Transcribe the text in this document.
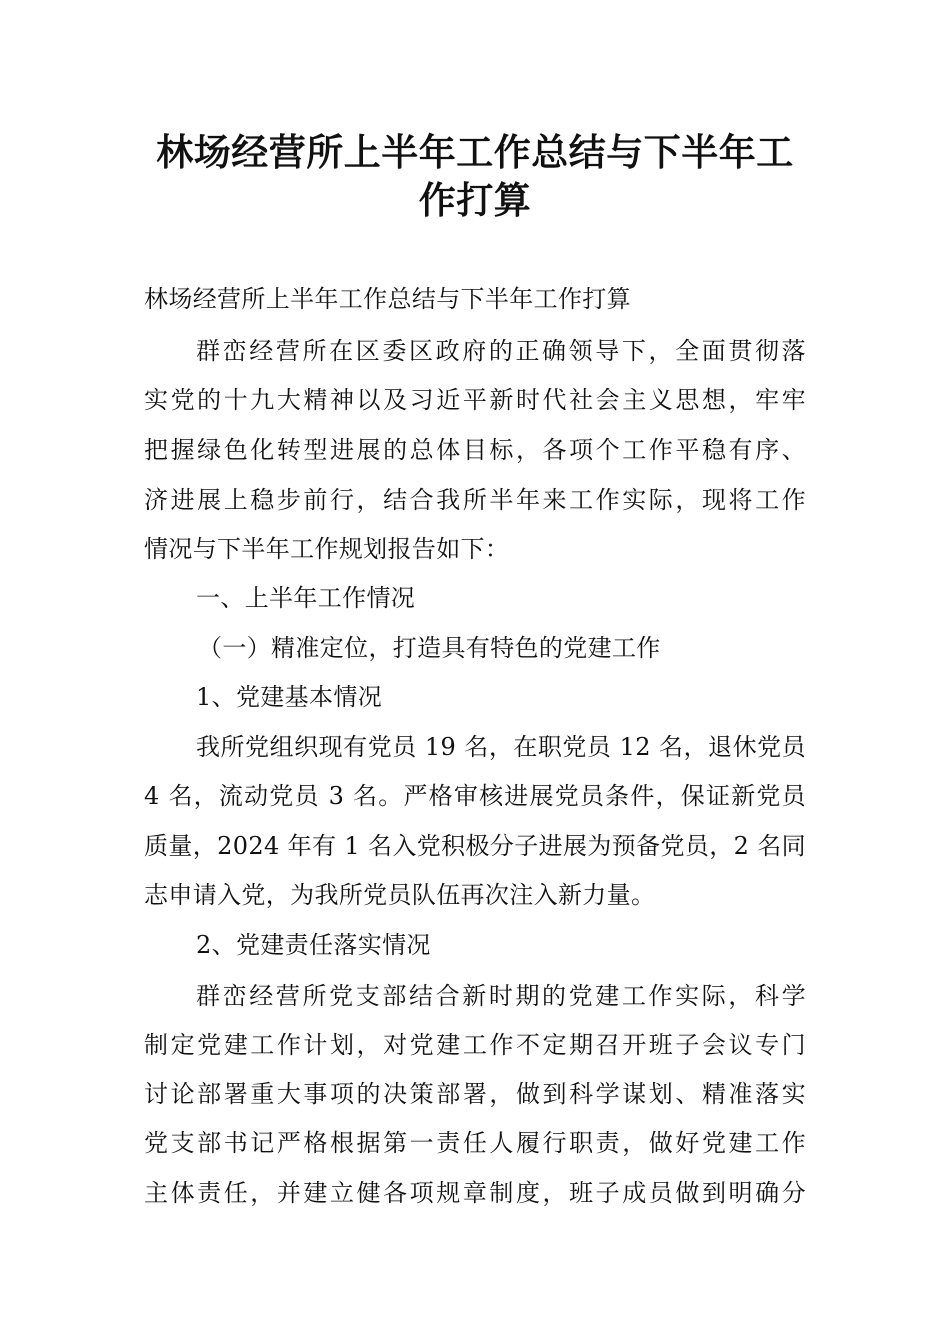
林场经营所上半年工作总结与下半年工
作打算
林场经营所上半年工作总结与下半年工作打算
群峦经营所在区委区政府的正确领导下，全面贯彻落
实党的十九大精神以及习近平新时代社会主义思想，牢牢
把握绿色化转型进展的总体目标，各项个工作平稳有序、
济进展上稳步前行，结合我所半年来工作实际，现将工作
情况与下半年工作规划报告如下：
一、上半年工作情况
（一）精准定位，打造具有特色的党建工作
1、党建基本情况
我所党组织现有党员 19 名，在职党员 12 名，退休党员
4 名，流动党员 3 名。严格审核进展党员条件，保证新党员
质量，2024 年有 1 名入党积极分子进展为预备党员，2 名同
志申请入党，为我所党员队伍再次注入新力量。
2、党建责任落实情况
群峦经营所党支部结合新时期的党建工作实际，科学
制定党建工作计划，对党建工作不定期召开班子会议专门
讨论部署重大事项的决策部署，做到科学谋划、精准落实
党支部书记严格根据第一责任人履行职责，做好党建工作
主体责任，并建立健各项规章制度，班子成员做到明确分
